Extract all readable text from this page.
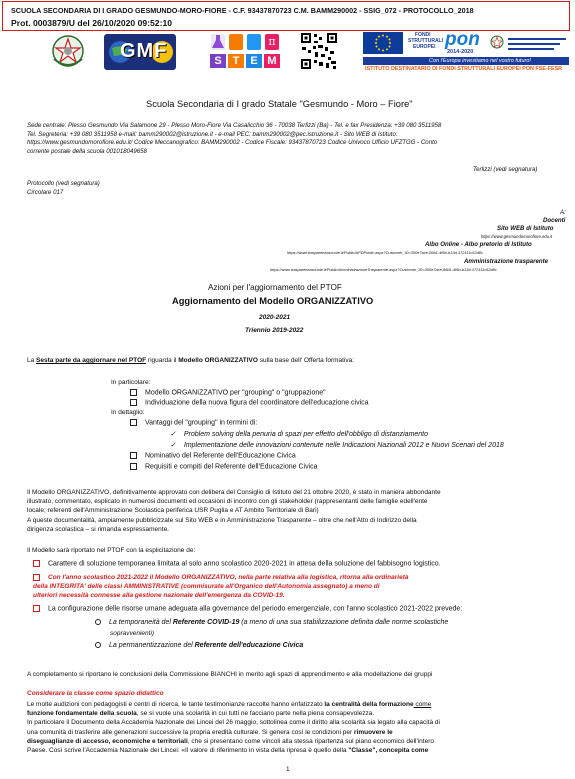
SCUOLA SECONDARIA DI I GRADO GESMUNDO-MORO-FIORE - C.F. 93437870723 C.M. BAMM290002 - SSIG_072 - PROTOCOLLO_2018
Prot. 0003879/U del 26/10/2020 09:52:10
GMF	π
S T E M
FONDI
STRUTTURALI
EUROPEI pon
2014-2020
Con l'Europa investiamo nel vostro futuro!
ISTITUTO DESTINATARIO DI FONDI STRUTTURALI EUROPEI PON FSE-FESR
Scuola Secondaria di I grado Statale "Gesmundo - Moro – Fiore"
Sede centrale: Plesso Gesmundo Via Salamone 29 - Plesso Moro-Fiore Via Casalicchio 36 - 70038 Terlizzi (Ba) - Tel. e fax Presidenza: +39 080 3511958
Tel. Segreteria: +39 080 3511958 e-mail: bamm290002@istruzione.it - e-mail PEC: bamm290002@pec.istruzione.it - Sito WEB di Istituto:
https://www.gesmundomorofiore.edu.it/ Codice Meccanografico: BAMM290002 - Codice Fiscale: 93437870723 Codice Univoco Ufficio UFZTGG - Conto
corrente postale della scuola 001018049658
Terlizzi (vedi segnatura)
Protocollo (vedi segnatura)
Circolare 017
A:
Docenti
Sito WEB di Istituto
https://www.gesmundomorofiore.edu.it
Albo Online - Albo pretorio di Istituto
https://www.trasparenzascuole.it/Public/APDPublic.aspx?Customer_ID=350e7ace-86b1-4f6b-b13d-372111c52d8c
Amministrazione trasparente
https://www.trasparenzascuole.it/Public/AmministrazioneTrasparente.aspx?Customer_ID=350e7ace-86b1-4f6b-b13d-372111c52d8c
Azioni per l'aggiornamento del PTOF
Aggiornamento del Modello ORGANIZZATIVO
2020-2021
Triennio 2019-2022
La Sesta parte da aggiornare nel PTOF riguarda il Modello ORGANIZZATIVO sulla base dell' Offerta formativa:
In particolare:
Modello ORGANIZZATIVO per "grouping" o "gruppazione"
Individuazione della nuova figura del coordinatore dell'educazione civica
In dettaglio:
Vantaggi del "grouping" in termini di:
✓ Problem solving della penuria di spazi per effetto dell'obbligo di distanziamento
✓ Implementazione delle innovazioni contenute nelle Indicazioni Nazionali 2012 e Nuovi Scenari del 2018
Nominativo del Referente dell'Educazione Civica
Requisiti e compiti del Referente dell'Educazione Civica
Il Modello ORGANIZZATIVO, definitivamente approvato con delibera del Consiglio di Istituto del 21 ottobre 2020, è stato in maniera abbondante
illustrato, commentato, esplicato in numerosi documenti ed occasioni di incontro con gli stakeholder (rappresentanti delle famiglie edell'ente
locale; referenti dell'Amministrazione Scolastica periferica USR Puglia e AT Ambito Territoriale di Bari)
A queste documentalità, ampiamente pubblicizzate sul Sito WEB e in Amministrazione Trasparente – oltre che nell'Atto di Indirizzo della
dirigenza scolastica – si rimanda espressamente.
Il Modello sarà riportato nel PTOF con la esplicitazione de:
Carattere di soluzione temporanea limitata al solo anno scolastico 2020-2021 in attesa della soluzione del fabbisogno logistico.
Con l'anno scolastico 2021-2022 il Modello ORGANIZZATIVO, nella parte relativa alla logistica, ritorna alla ordinarietà
della INTEGRITA' delle classi AMMINISTRATIVE (commisurate all'Organico dell'Autonomia assegnato) a meno di
ulteriori necessità connesse alla gestione nazionale dell'emergenza da COVID-19.
La configurazione delle risorse umane adeguata alla governance del periodo emergenziale, con l'anno scolastico 2021-2022 prevede:
La temporaneità del Referente COVID-19 (a meno di una sua stabilizzazione definita dalle norme scolastiche
sopravvenienti)
La permanentizzazione del Referente dell'educazione Civica
A completamento si riportano le conclusioni della Commissione BIANCHI in merito agli spazi di apprendimento e alla modellazione dei gruppi
Considerare la classe come spazio didattico
Le molte audizioni con pedagogisti e centri di ricerca, le tante testimonianze raccolte hanno enfatizzato la centralità della formazione come
funzione fondamentale della scuola, se si vuole una scolarità in cui tutti ne facciano parte nella piena consapevolezza.
In particolare il Documento della Accademia Nazionale dei Lincei del 26 maggio, sottolinea come il diritto alla scolarità sia legato alla capacità di
una comunità di trasferire alle generazioni successive la propria eredità culturale. Si genera così le condizioni per rimuovere le
diseguaglianze di accesso, economiche e territoriali, che si presentano come vincoli alla stessa ripartenza sul piano economico dell'intero
Paese. Così scrive l'Accademia Nazionale dei Lincei: «Il valore di riferimento in vista della ripresa è quello della "Classe", concepita come
1
